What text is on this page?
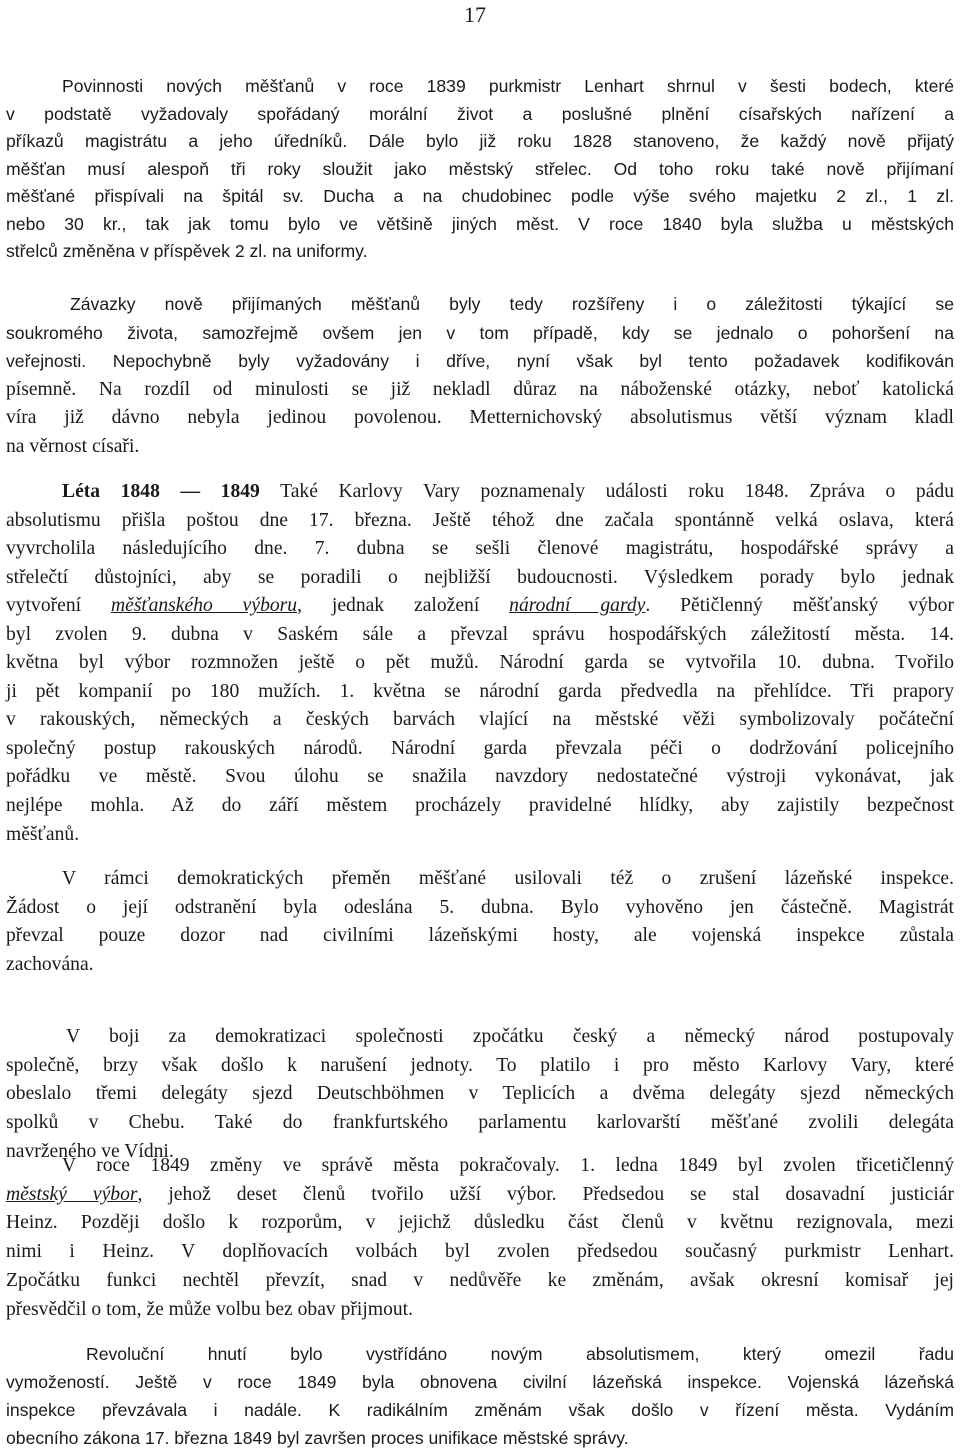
17
Povinnosti nových měšťanů v roce 1839 purkmistr Lenhart shrnul v šesti bodech, které
v podstatě vyžadovaly spořádaný morální život a poslušné plnění císařských nařízení a
příkazů magistrátu a jeho úředníků. Dále bylo již roku 1828 stanoveno, že každý nově přijatý
měšťan musí alespoň tři roky sloužit jako městský střelec. Od toho roku také nově přijímaní
měšťané přispívali na špitál sv. Ducha a na chudobinec podle výše svého majetku 2 zl., 1 zl.
nebo 30 kr., tak jak tomu bylo ve většině jiných měst. V roce 1840 byla služba u městských
střelců změněna v příspěvek 2 zl. na uniformy.
Závazky nově přijímaných měšťanů byly tedy rozšířeny i o záležitosti týkající se
soukromého života, samozřejmě ovšem jen v tom případě, kdy se jednalo o pohoršení na
veřejnosti. Nepochybně byly vyžadovány i dříve, nyní však byl tento požadavek kodifikován
písemně. Na rozdíl od minulosti se již nekladl důraz na náboženské otázky, neboť katolická
víra již dávno nebyla jedinou povolenou. Metternichovský absolutismus větší význam kladl
na věrnost císaři.
Léta 1848 — 1849 Také Karlovy Vary poznamenaly události roku 1848. Zpráva o pádu
absolutismu přišla poštou dne 17. března. Ještě téhož dne začala spontánně velká oslava, která
vyvrcholila následujícího dne. 7. dubna se sešli členové magistrátu, hospodářské správy a
střelečtí důstojníci, aby se poradili o nejbližší budoucnosti. Výsledkem porady bylo jednak
vytvoření měšťanského výboru, jednak založení národní gardy. Pětičlenný měšťanský výbor
byl zvolen 9. dubna v Saském sále a převzal správu hospodářských záležitostí města. 14.
května byl výbor rozmnožen ještě o pět mužů. Národní garda se vytvořila 10. dubna. Tvořilo
ji pět kompanií po 180 mužích. 1. května se národní garda předvedla na přehlídce. Tři prapory
v rakouských, německých a českých barvách vlající na městské věži symbolizovaly počáteční
společný postup rakouských národů. Národní garda převzala péči o dodržování policejního
pořádku ve městě. Svou úlohu se snažila navzdory nedostatečné výstroji vykonávat, jak
nejlépe mohla. Až do září městem procházely pravidelné hlídky, aby zajistily bezpečnost
měšťanů.
V rámci demokratických přeměn měšťané usilovali též o zrušení lázeňské inspekce.
Žádost o její odstranění byla odeslána 5. dubna. Bylo vyhověno jen částečně. Magistrát
převzal pouze dozor nad civilními lázeňskými hosty, ale vojenská inspekce zůstala
zachována.
V boji za demokratizaci společnosti zpočátku český a německý národ postupovaly
společně, brzy však došlo k narušení jednoty. To platilo i pro město Karlovy Vary, které
obeslalo třemi delegáty sjezd Deutschböhmen v Teplicích a dvěma delegáty sjezd německých
spolků v Chebu. Také do frankfurtského parlamentu karlovarští měšťané zvolili delegáta
navrženého ve Vídni.
V roce 1849 změny ve správě města pokračovaly. 1. ledna 1849 byl zvolen třicetičlenný
městský výbor, jehož deset členů tvořilo užší výbor. Předsedou se stal dosavadní justiciár
Heinz. Později došlo k rozporům, v jejichž důsledku část členů v květnu rezignovala, mezi
nimi i Heinz. V doplňovacích volbách byl zvolen předsedou současný purkmistr Lenhart.
Zpočátku funkci nechtěl převzít, snad v nedůvěře ke změnám, avšak okresní komisař jej
přesvědčil o tom, že může volbu bez obav přijmout.
Revoluční hnutí bylo vystřídáno novým absolutismem, který omezil řadu
vymožeností. Ještě v roce 1849 byla obnovena civilní lázeňská inspekce. Vojenská lázeňská
inspekce převzávala i nadále. K radikálním změnám však došlo v řízení města. Vydáním
obecního zákona 17. března 1849 byl završen proces unifikace městské správy.
